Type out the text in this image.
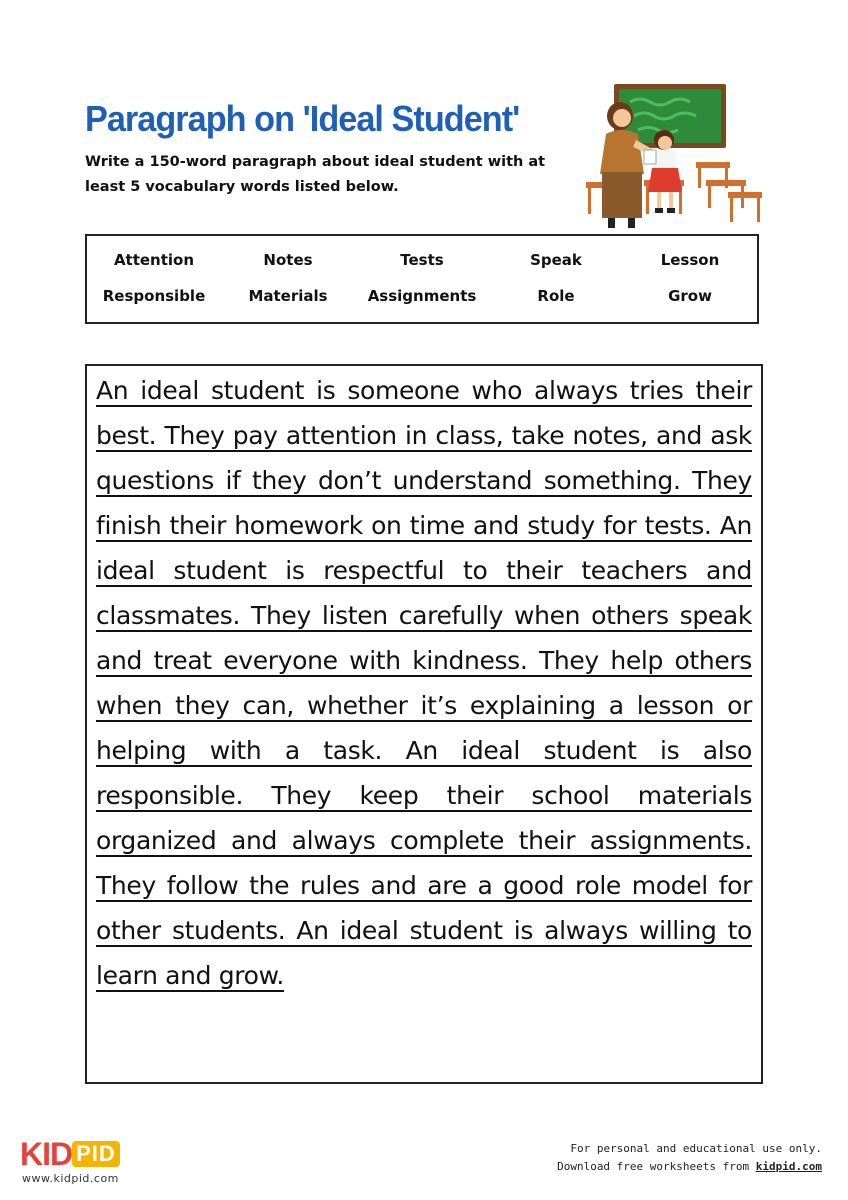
Paragraph on 'Ideal Student'
Write a 150-word paragraph about ideal student with at least 5 vocabulary words listed below.
Attention	Notes	Tests	Speak	Lesson
Responsible	Materials	Assignments	Role	Grow

An ideal student is someone who always tries their best. They pay attention in class, take notes, and ask questions if they don’t understand something. They finish their homework on time and study for tests. An ideal student is respectful to their teachers and classmates. They listen carefully when others speak and treat everyone with kindness. They help others when they can, whether it’s explaining a lesson or helping with a task. An ideal student is also responsible. They keep their school materials organized and always complete their assignments. They follow the rules and are a good role model for other students. An ideal student is always willing to learn and grow.

KID PID
www.kidpid.com
For personal and educational use only.
Download free worksheets from kidpid.com
